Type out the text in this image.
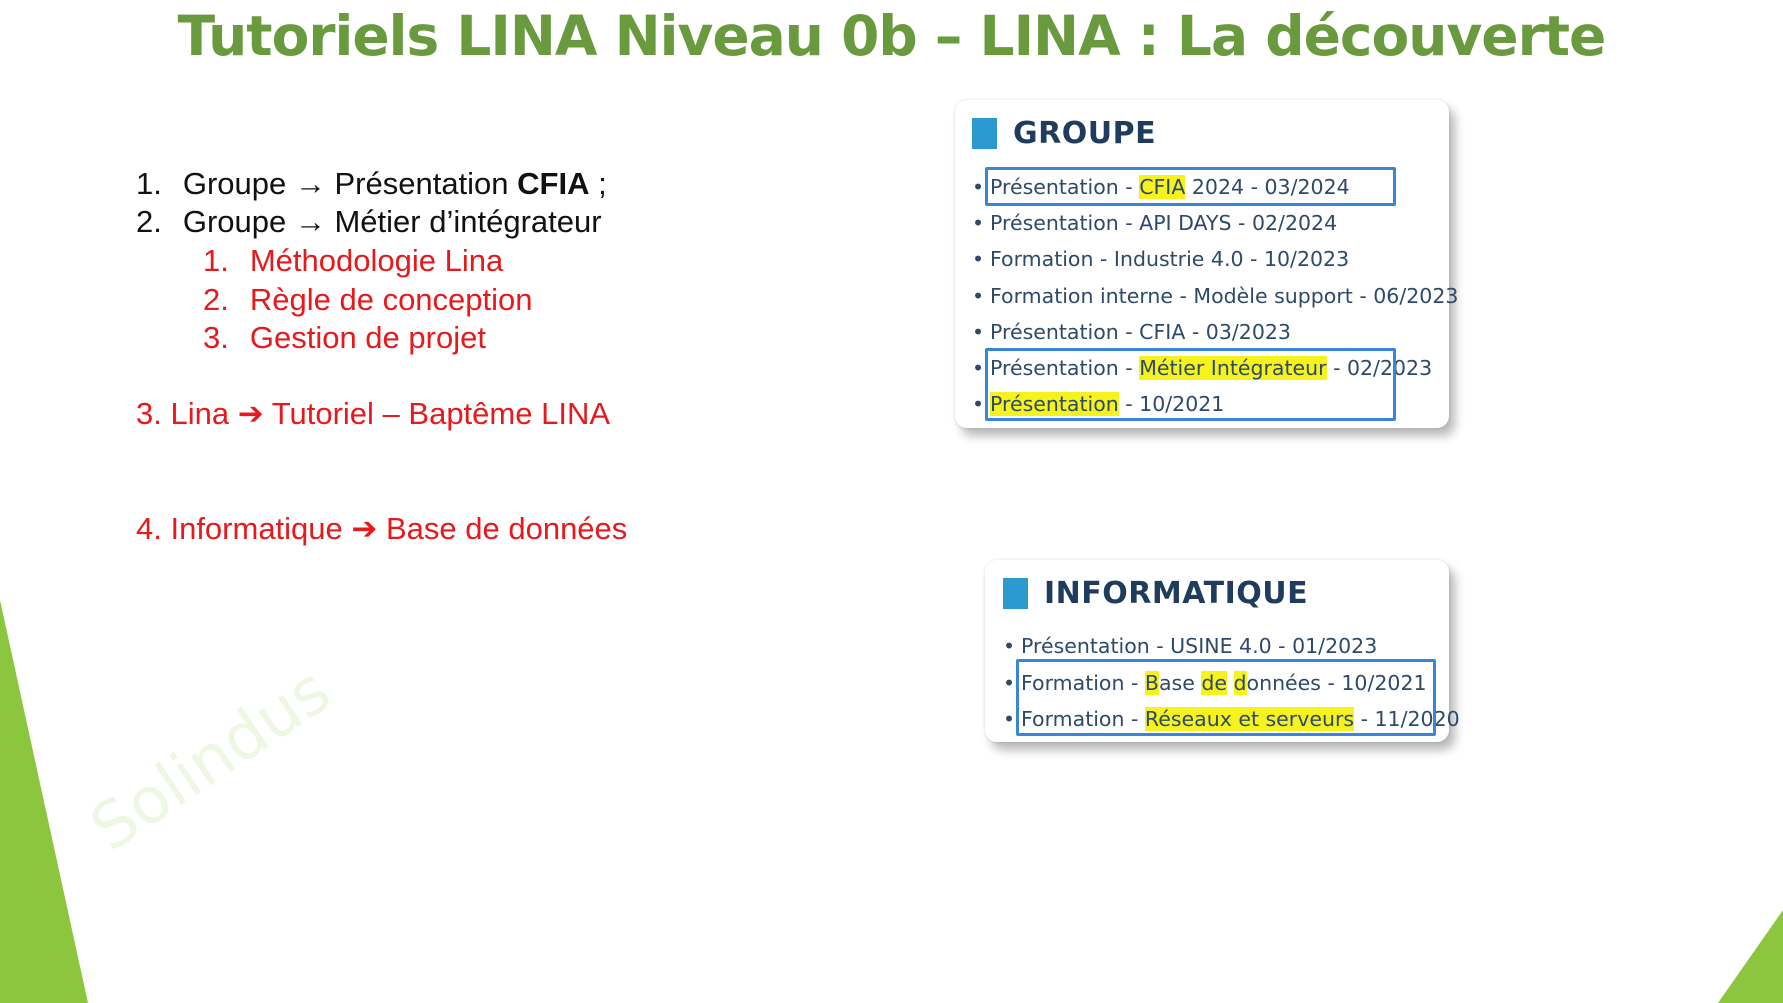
Tutoriels LINA Niveau 0b – LINA : La découverte
Solindus
1. Groupe → Présentation CFIA ;
2. Groupe → Métier d’intégrateur
1. Méthodologie Lina
2. Règle de conception
3. Gestion de projet
3. Lina ➔ Tutoriel – Baptême LINA
4. Informatique ➔ Base de données
GROUPE
• Présentation - CFIA 2024 - 03/2024
• Présentation - API DAYS - 02/2024
• Formation - Industrie 4.0 - 10/2023
• Formation interne - Modèle support - 06/2023
• Présentation - CFIA - 03/2023
• Présentation - Métier Intégrateur - 02/2023
• Présentation - 10/2021
INFORMATIQUE
• Présentation - USINE 4.0 - 01/2023
• Formation - Base de données - 10/2021
• Formation - Réseaux et serveurs - 11/2020
